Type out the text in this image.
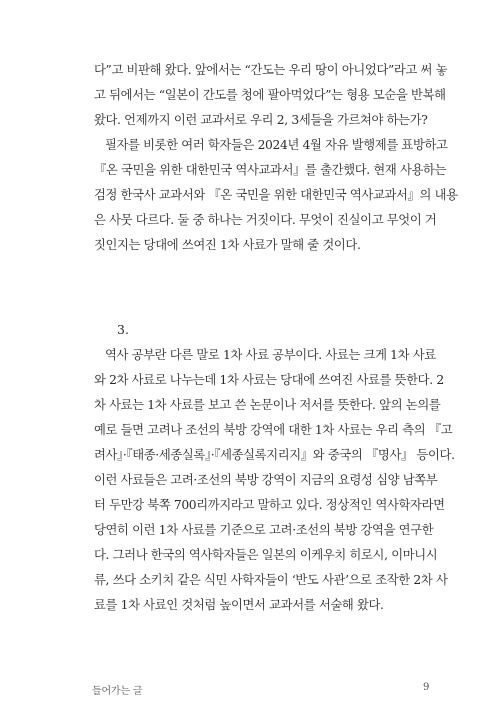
다”고 비판해 왔다. 앞에서는 “간도는 우리 땅이 아니었다”라고 써 놓
고 뒤에서는 “일본이 간도를 청에 팔아먹었다”는 형용 모순을 반복해
왔다. 언제까지 이런 교과서로 우리 2, 3세들을 가르쳐야 하는가?
필자를 비롯한 여러 학자들은 2024년 4월 자유 발행제를 표방하고
『온 국민을 위한 대한민국 역사교과서』를 출간했다. 현재 사용하는
검정 한국사 교과서와 『온 국민을 위한 대한민국 역사교과서』의 내용
은 사뭇 다르다. 둘 중 하나는 거짓이다. 무엇이 진실이고 무엇이 거
짓인지는 당대에 쓰여진 1차 사료가 말해 줄 것이다.
3.
역사 공부란 다른 말로 1차 사료 공부이다. 사료는 크게 1차 사료
와 2차 사료로 나누는데 1차 사료는 당대에 쓰여진 사료를 뜻한다. 2
차 사료는 1차 사료를 보고 쓴 논문이나 저서를 뜻한다. 앞의 논의를
예로 들면 고려나 조선의 북방 강역에 대한 1차 사료는 우리 측의 『고
려사』·『태종·세종실록』·『세종실록지리지』와 중국의 『명사』 등이다.
이런 사료들은 고려·조선의 북방 강역이 지금의 요령성 심양 남쪽부
터 두만강 북쪽 700리까지라고 말하고 있다. 정상적인 역사학자라면
당연히 이런 1차 사료를 기준으로 고려·조선의 북방 강역을 연구한
다. 그러나 한국의 역사학자들은 일본의 이케우치 히로시, 이마니시
류, 쓰다 소키치 같은 식민 사학자들이 ‘반도 사관’으로 조작한 2차 사
료를 1차 사료인 것처럼 높이면서 교과서를 서술해 왔다.
들어가는 글	9
